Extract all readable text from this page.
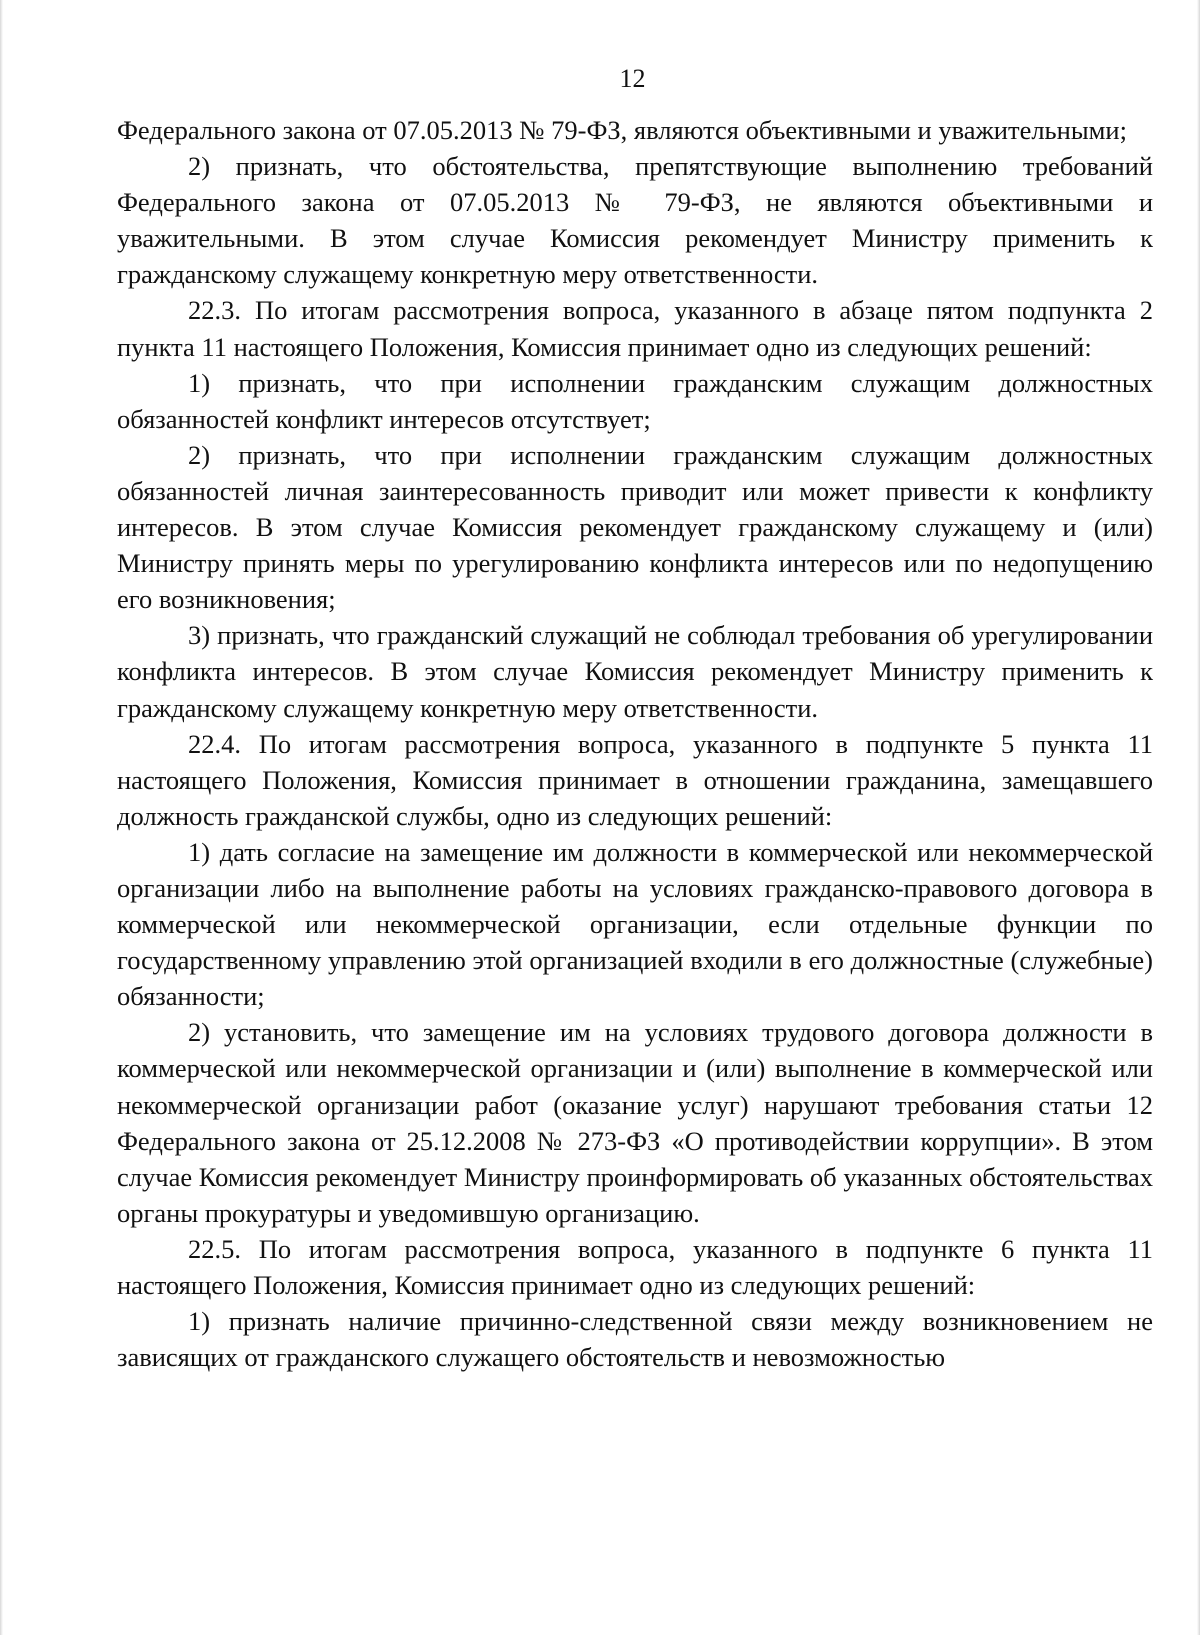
12

Федерального закона от 07.05.2013 № 79-ФЗ, являются объективными и уважительными;

2) признать, что обстоятельства, препятствующие выполнению требований Федерального закона от 07.05.2013 № 79-ФЗ, не являются объективными и уважительными. В этом случае Комиссия рекомендует Министру применить к гражданскому служащему конкретную меру ответственности.

22.3. По итогам рассмотрения вопроса, указанного в абзаце пятом подпункта 2 пункта 11 настоящего Положения, Комиссия принимает одно из следующих решений:

1) признать, что при исполнении гражданским служащим должностных обязанностей конфликт интересов отсутствует;

2) признать, что при исполнении гражданским служащим должностных обязанностей личная заинтересованность приводит или может привести к конфликту интересов. В этом случае Комиссия рекомендует гражданскому служащему и (или) Министру принять меры по урегулированию конфликта интересов или по недопущению его возникновения;

3) признать, что гражданский служащий не соблюдал требования об урегулировании конфликта интересов. В этом случае Комиссия рекомендует Министру применить к гражданскому служащему конкретную меру ответственности.

22.4. По итогам рассмотрения вопроса, указанного в подпункте 5 пункта 11 настоящего Положения, Комиссия принимает в отношении гражданина, замещавшего должность гражданской службы, одно из следующих решений:

1) дать согласие на замещение им должности в коммерческой или некоммерческой организации либо на выполнение работы на условиях гражданско-правового договора в коммерческой или некоммерческой организации, если отдельные функции по государственному управлению этой организацией входили в его должностные (служебные) обязанности;

2) установить, что замещение им на условиях трудового договора должности в коммерческой или некоммерческой организации и (или) выполнение в коммерческой или некоммерческой организации работ (оказание услуг) нарушают требования статьи 12 Федерального закона от 25.12.2008 № 273-ФЗ «О противодействии коррупции». В этом случае Комиссия рекомендует Министру проинформировать об указанных обстоятельствах органы прокуратуры и уведомившую организацию.

22.5. По итогам рассмотрения вопроса, указанного в подпункте 6 пункта 11 настоящего Положения, Комиссия принимает одно из следующих решений:

1) признать наличие причинно-следственной связи между возникновением не зависящих от гражданского служащего обстоятельств и невозможностью
